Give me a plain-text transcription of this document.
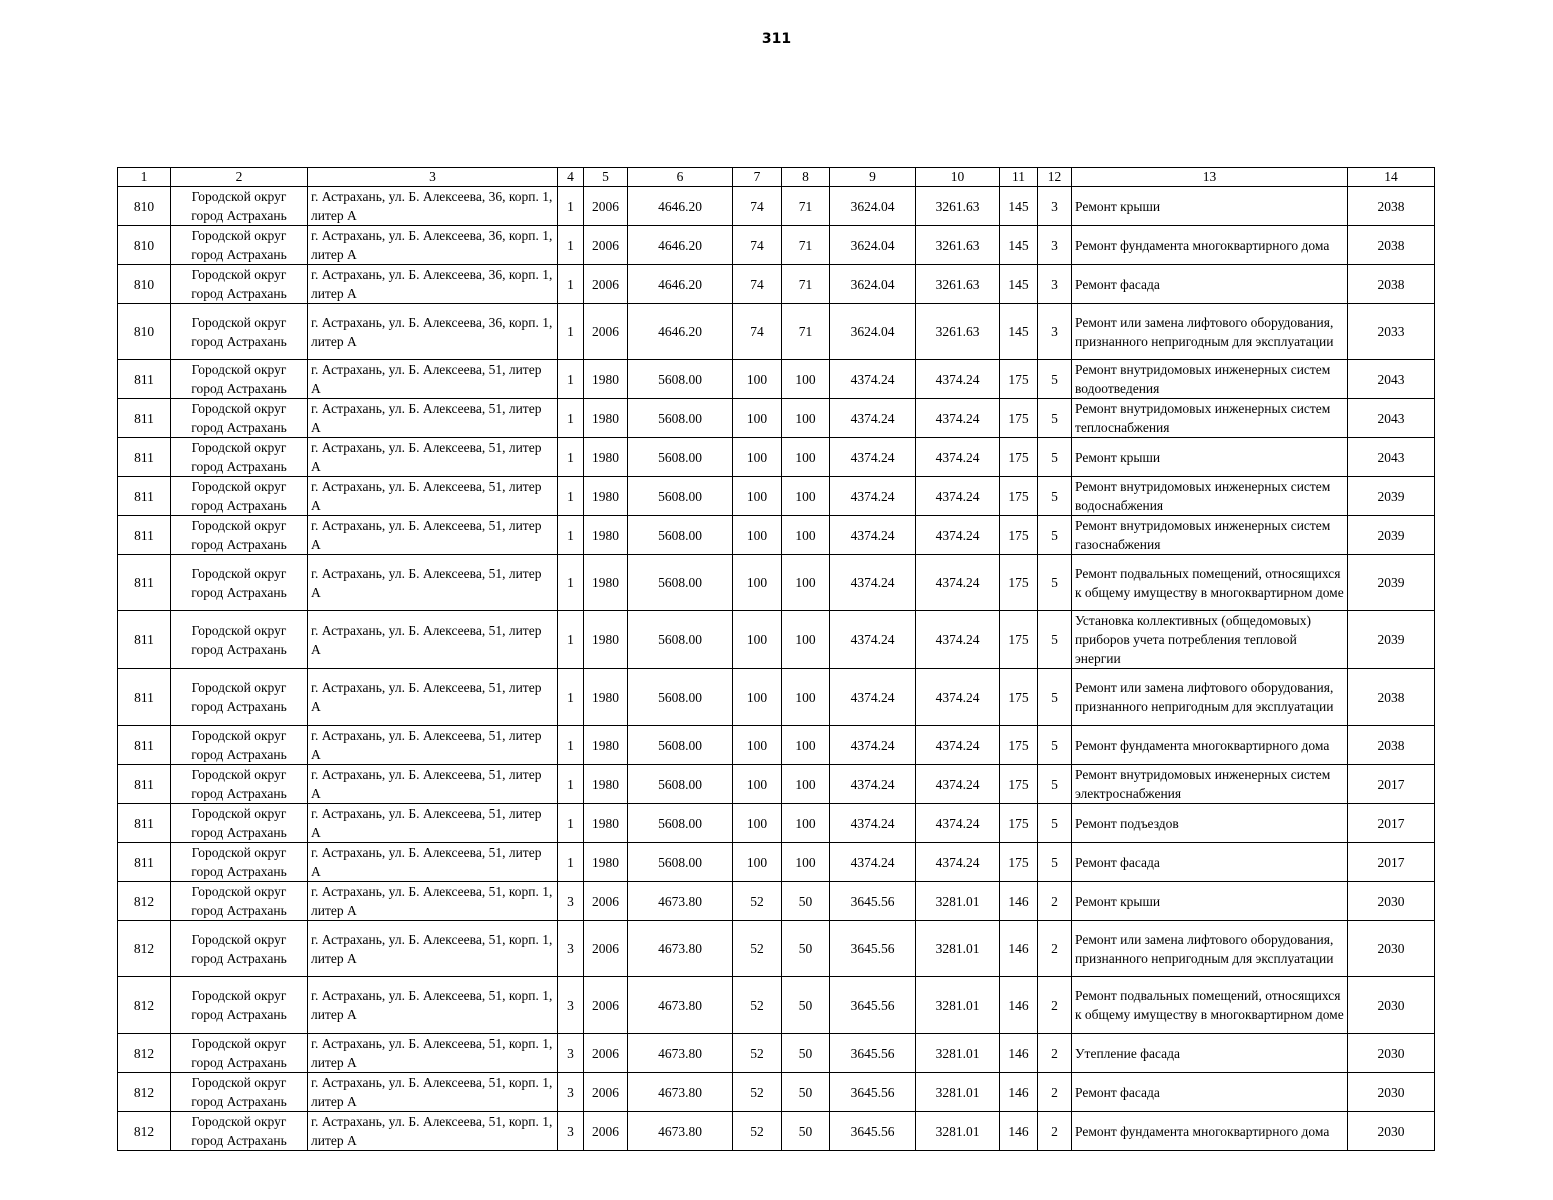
311
1	2	3	4	5	6	7	8	9	10	11	12	13	14
810	Городской округ город Астрахань	г. Астрахань, ул. Б. Алексеева, 36, корп. 1, литер А	1	2006	4646.20	74	71	3624.04	3261.63	145	3	Ремонт крыши	2038
810	Городской округ город Астрахань	г. Астрахань, ул. Б. Алексеева, 36, корп. 1, литер А	1	2006	4646.20	74	71	3624.04	3261.63	145	3	Ремонт фундамента многоквартирного дома	2038
810	Городской округ город Астрахань	г. Астрахань, ул. Б. Алексеева, 36, корп. 1, литер А	1	2006	4646.20	74	71	3624.04	3261.63	145	3	Ремонт фасада	2038
810	Городской округ город Астрахань	г. Астрахань, ул. Б. Алексеева, 36, корп. 1, литер А	1	2006	4646.20	74	71	3624.04	3261.63	145	3	Ремонт или замена лифтового оборудования, признанного непригодным для эксплуатации	2033
811	Городской округ город Астрахань	г. Астрахань, ул. Б. Алексеева, 51, литер А	1	1980	5608.00	100	100	4374.24	4374.24	175	5	Ремонт внутридомовых инженерных систем водоотведения	2043
811	Городской округ город Астрахань	г. Астрахань, ул. Б. Алексеева, 51, литер А	1	1980	5608.00	100	100	4374.24	4374.24	175	5	Ремонт внутридомовых инженерных систем теплоснабжения	2043
811	Городской округ город Астрахань	г. Астрахань, ул. Б. Алексеева, 51, литер А	1	1980	5608.00	100	100	4374.24	4374.24	175	5	Ремонт крыши	2043
811	Городской округ город Астрахань	г. Астрахань, ул. Б. Алексеева, 51, литер А	1	1980	5608.00	100	100	4374.24	4374.24	175	5	Ремонт внутридомовых инженерных систем водоснабжения	2039
811	Городской округ город Астрахань	г. Астрахань, ул. Б. Алексеева, 51, литер А	1	1980	5608.00	100	100	4374.24	4374.24	175	5	Ремонт внутридомовых инженерных систем газоснабжения	2039
811	Городской округ город Астрахань	г. Астрахань, ул. Б. Алексеева, 51, литер А	1	1980	5608.00	100	100	4374.24	4374.24	175	5	Ремонт подвальных помещений, относящихся к общему имуществу в многоквартирном доме	2039
811	Городской округ город Астрахань	г. Астрахань, ул. Б. Алексеева, 51, литер А	1	1980	5608.00	100	100	4374.24	4374.24	175	5	Установка коллективных (общедомовых) приборов учета потребления тепловой энергии	2039
811	Городской округ город Астрахань	г. Астрахань, ул. Б. Алексеева, 51, литер А	1	1980	5608.00	100	100	4374.24	4374.24	175	5	Ремонт или замена лифтового оборудования, признанного непригодным для эксплуатации	2038
811	Городской округ город Астрахань	г. Астрахань, ул. Б. Алексеева, 51, литер А	1	1980	5608.00	100	100	4374.24	4374.24	175	5	Ремонт фундамента многоквартирного дома	2038
811	Городской округ город Астрахань	г. Астрахань, ул. Б. Алексеева, 51, литер А	1	1980	5608.00	100	100	4374.24	4374.24	175	5	Ремонт внутридомовых инженерных систем электроснабжения	2017
811	Городской округ город Астрахань	г. Астрахань, ул. Б. Алексеева, 51, литер А	1	1980	5608.00	100	100	4374.24	4374.24	175	5	Ремонт подъездов	2017
811	Городской округ город Астрахань	г. Астрахань, ул. Б. Алексеева, 51, литер А	1	1980	5608.00	100	100	4374.24	4374.24	175	5	Ремонт фасада	2017
812	Городской округ город Астрахань	г. Астрахань, ул. Б. Алексеева, 51, корп. 1, литер А	3	2006	4673.80	52	50	3645.56	3281.01	146	2	Ремонт крыши	2030
812	Городской округ город Астрахань	г. Астрахань, ул. Б. Алексеева, 51, корп. 1, литер А	3	2006	4673.80	52	50	3645.56	3281.01	146	2	Ремонт или замена лифтового оборудования, признанного непригодным для эксплуатации	2030
812	Городской округ город Астрахань	г. Астрахань, ул. Б. Алексеева, 51, корп. 1, литер А	3	2006	4673.80	52	50	3645.56	3281.01	146	2	Ремонт подвальных помещений, относящихся к общему имуществу в многоквартирном доме	2030
812	Городской округ город Астрахань	г. Астрахань, ул. Б. Алексеева, 51, корп. 1, литер А	3	2006	4673.80	52	50	3645.56	3281.01	146	2	Утепление фасада	2030
812	Городской округ город Астрахань	г. Астрахань, ул. Б. Алексеева, 51, корп. 1, литер А	3	2006	4673.80	52	50	3645.56	3281.01	146	2	Ремонт фасада	2030
812	Городской округ город Астрахань	г. Астрахань, ул. Б. Алексеева, 51, корп. 1, литер А	3	2006	4673.80	52	50	3645.56	3281.01	146	2	Ремонт фундамента многоквартирного дома	2030
